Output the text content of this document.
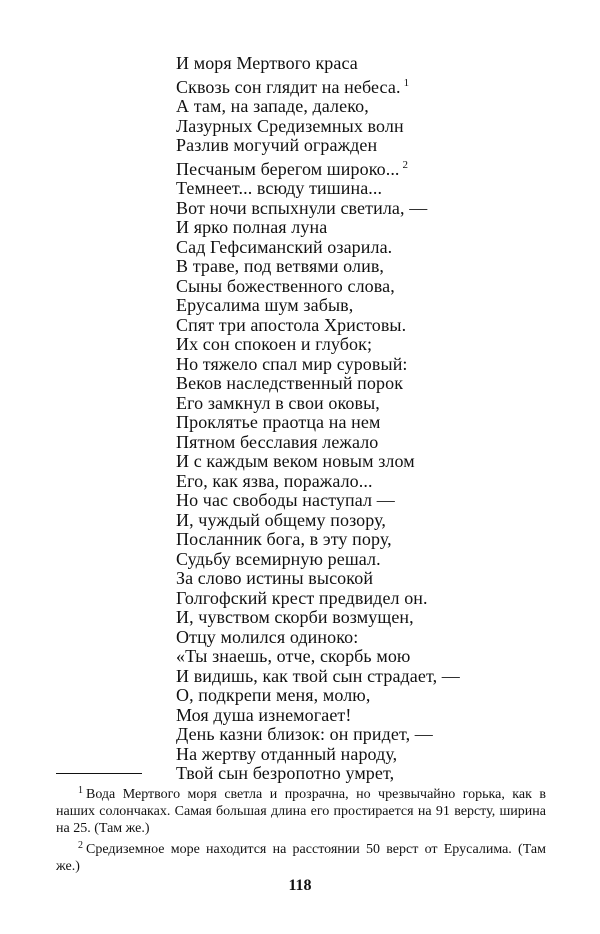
И моря Мертвого краса
Сквозь сон глядит на небеса. $^1$
А там, на западе, далеко,
Лазурных Средиземных волн
Разлив могучий огражден
Песчаным берегом широко... $^2$
Темнеет... всюду тишина...
Вот ночи вспыхнули светила, —
И ярко полная луна
Сад Гефсиманский озарила.
В траве, под ветвями олив,
Сыны божественного слова,
Ерусалима шум забыв,
Спят три апостола Христовы.
Их сон спокоен и глубок;
Но тяжело спал мир суровый:
Веков наследственный порок
Его замкнул в свои оковы,
Проклятье праотца на нем
Пятном бесславия лежало
И с каждым веком новым злом
Его, как язва, поражало...
Но час свободы наступал —
И, чуждый общему позору,
Посланник бога, в эту пору,
Судьбу всемирную решал.
За слово истины высокой
Голгофский крест предвидел он.
И, чувством скорби возмущен,
Отцу молился одиноко:
«Ты знаешь, отче, скорбь мою
И видишь, как твой сын страдает, —
О, подкрепи меня, молю,
Моя душа изнемогает!
День казни близок: он придет, —
На жертву отданный народу,
Твой сын безропотно умрет,

$^1$ Вода Мертвого моря светла и прозрачна, но чрезвычайно горька, как в наших солончаках. Самая большая длина его простирается на 91 версту, ширина на 25. (Там же.)

$^2$ Средиземное море находится на расстоянии 50 верст от Ерусалима. (Там же.)

118
